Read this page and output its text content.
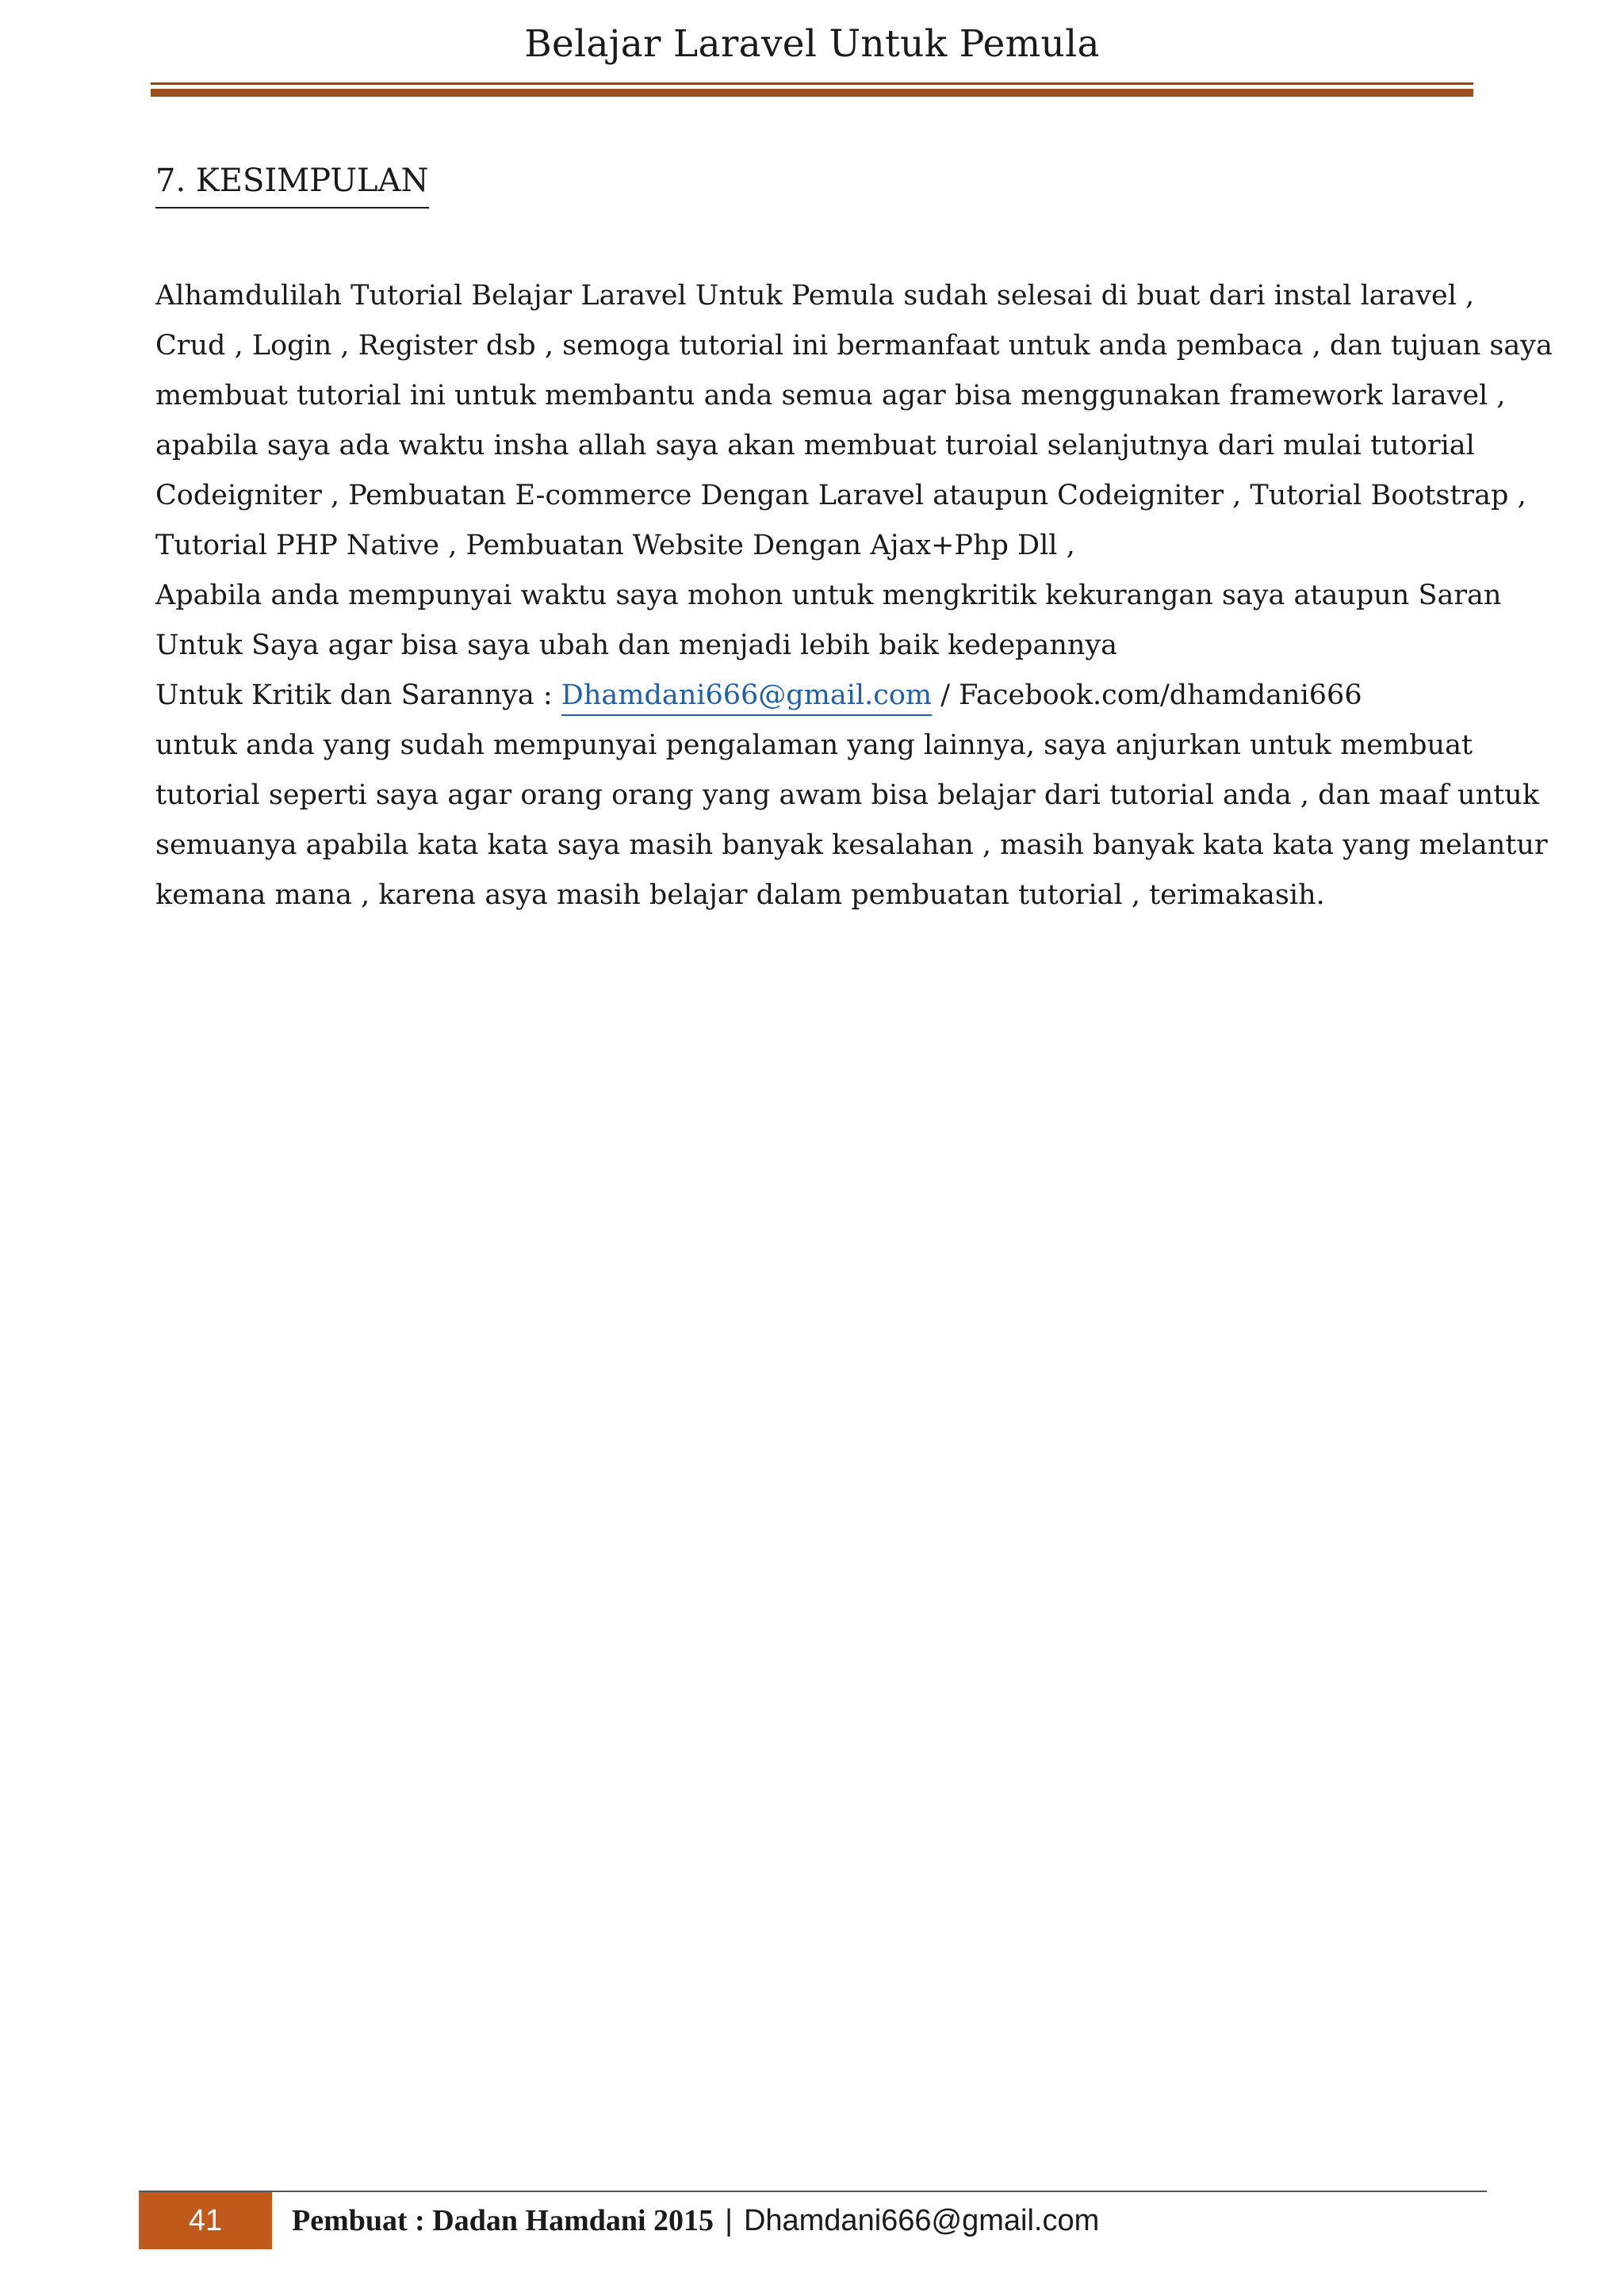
Belajar Laravel Untuk Pemula
7. KESIMPULAN
Alhamdulilah Tutorial Belajar Laravel Untuk Pemula sudah selesai di buat dari instal laravel ,
Crud , Login , Register dsb , semoga tutorial ini bermanfaat untuk anda pembaca , dan tujuan saya
membuat tutorial ini untuk membantu anda semua agar bisa menggunakan framework laravel ,
apabila saya ada waktu insha allah saya akan membuat turoial selanjutnya dari mulai tutorial
Codeigniter , Pembuatan E-commerce Dengan Laravel ataupun Codeigniter , Tutorial Bootstrap ,
Tutorial PHP Native , Pembuatan Website Dengan Ajax+Php Dll ,
Apabila anda mempunyai waktu saya mohon untuk mengkritik kekurangan saya ataupun Saran
Untuk Saya agar bisa saya ubah dan menjadi lebih baik kedepannya
Untuk Kritik dan Sarannya : Dhamdani666@gmail.com / Facebook.com/dhamdani666
untuk anda yang sudah mempunyai pengalaman yang lainnya, saya anjurkan untuk membuat
tutorial seperti saya agar orang orang yang awam bisa belajar dari tutorial anda , dan maaf untuk
semuanya apabila kata kata saya masih banyak kesalahan , masih banyak kata kata yang melantur
kemana mana , karena asya masih belajar dalam pembuatan tutorial , terimakasih.
41	Pembuat : Dadan Hamdani 2015 | Dhamdani666@gmail.com
